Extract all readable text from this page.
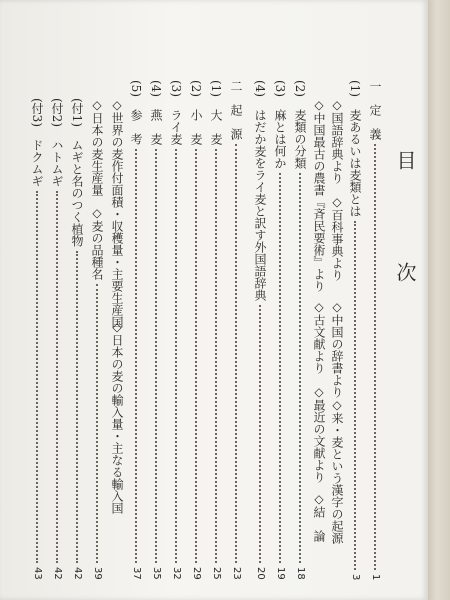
目　次
一　定　義
1
(1)　麦あるいは麦類とは
3
◇国語辞典より
◇百科事典より
◇中国の辞書より
◇来・麦という漢字の起源
◇中国最古の農書『斉民要術』より
◇古文献より
◇最近の文献より
◇結　論
(2)　麦類の分類
18
(3)　麻とは何か
19
(4)　はだか麦をライ麦と訳す外国語辞典
20
二　起　源
23
(1)　大　麦
25
(2)　小　麦
29
(3)　ライ麦
32
(4)　燕　麦
35
(5)　参　考
37
◇世界の麦作付面積・収穫量・主要生産国
◇日本の麦の輸入量・主なる輸入国
◇日本の麦生産量
◇麦の品種名
39
(付1)　ムギと名のつく植物
42
(付2)　ハトムギ
42
(付3)　ドクムギ
43
